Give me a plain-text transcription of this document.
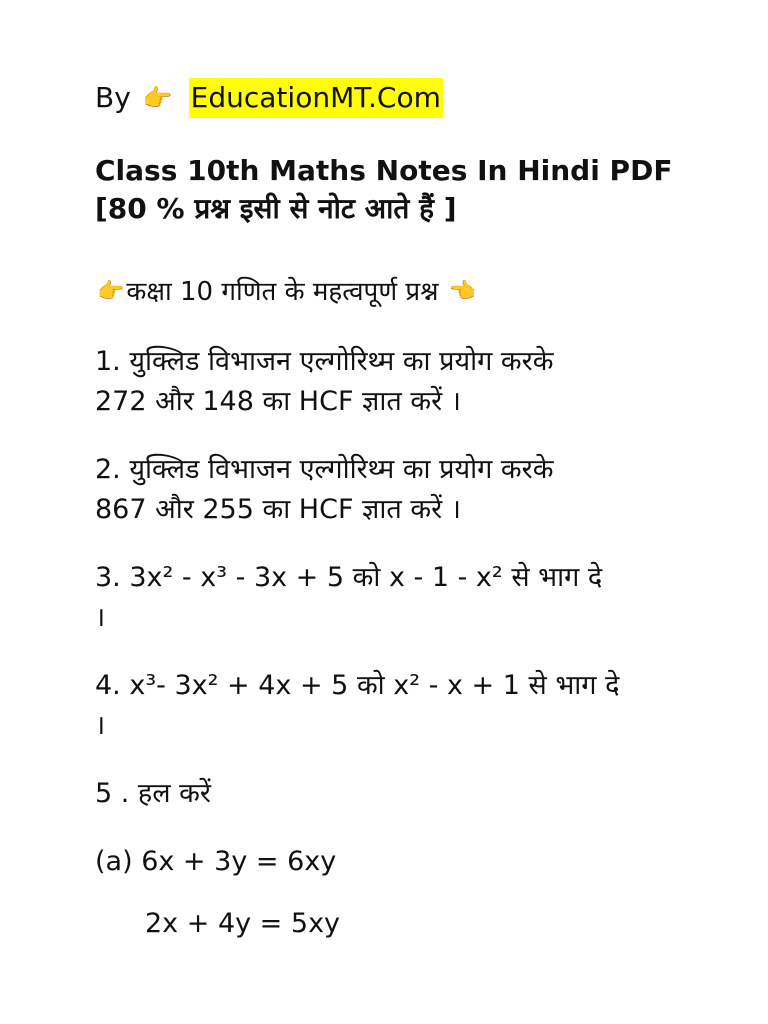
By 👉 EducationMT.Com
Class 10th Maths Notes In Hindi PDF
[80 % प्रश्न इसी से नोट आते हैं ]
👉 कक्षा 10 गणित के महत्वपूर्ण प्रश्न 👈
1. युक्लिड विभाजन एल्गोरिथ्म का प्रयोग करके
272 और 148 का HCF ज्ञात करें ।
2. युक्लिड विभाजन एल्गोरिथ्म का प्रयोग करके
867 और 255 का HCF ज्ञात करें ।
3. 3x² - x³ - 3x + 5 को x - 1 - x² से भाग दे
।
4. x³- 3x² + 4x + 5 को x² - x + 1 से भाग दे
।
5 . हल करें
(a) 6x + 3y = 6xy
2x + 4y = 5xy
